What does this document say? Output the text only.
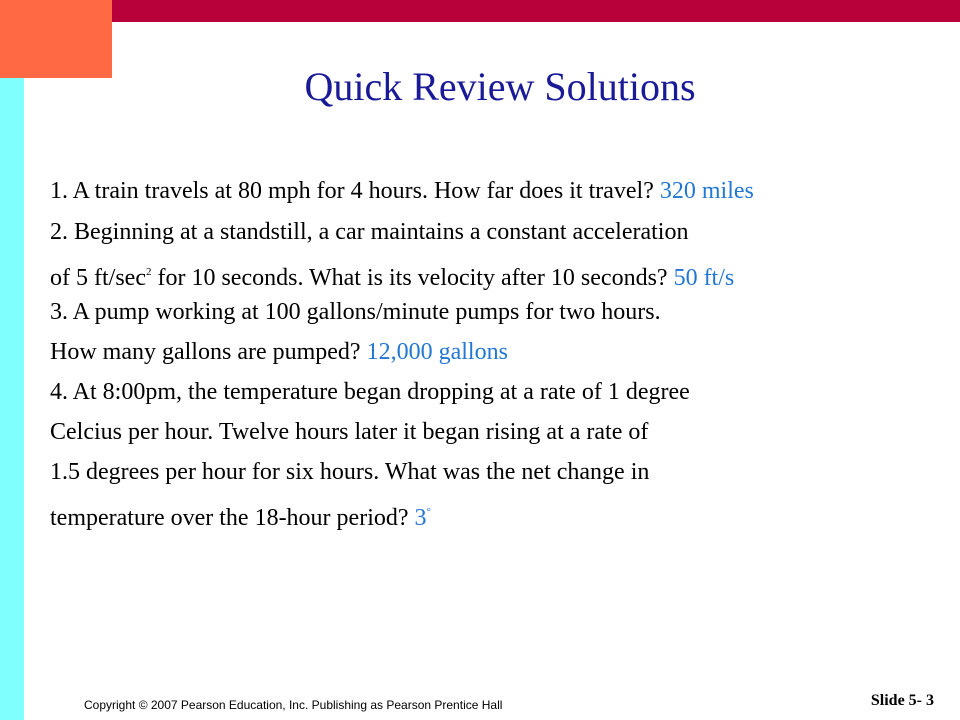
Quick Review Solutions
1. A train travels at 80 mph for 4 hours. How far does it travel? 320 miles
2. Beginning at a standstill, a car maintains a constant acceleration
of 5 $ft/\sec^2$ for 10 seconds. What is its velocity after 10 seconds? 50 ft/s
3. A pump working at 100 gallons/minute pumps for two hours.
How many gallons are pumped? 12,000 gallons
4. At 8:00pm, the temperature began dropping at a rate of 1 degree
Celcius per hour. Twelve hours later it began rising at a rate of
1.5 degrees per hour for six hours. What was the net change in
temperature over the 18-hour period? 3°
Copyright © 2007 Pearson Education, Inc. Publishing as Pearson Prentice Hall	Slide 5- 3
